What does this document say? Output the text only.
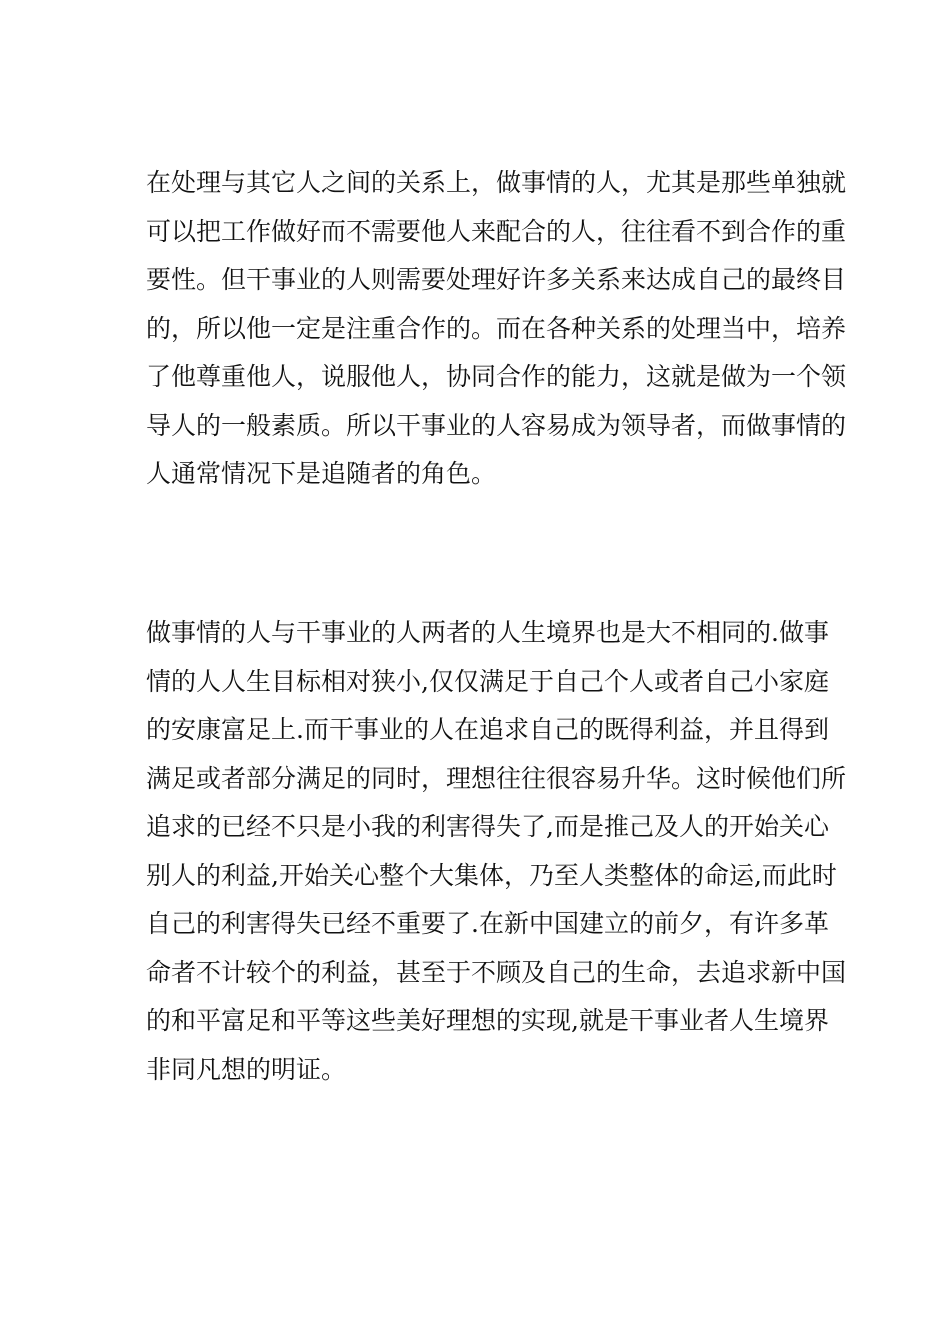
在处理与其它人之间的关系上，做事情的人，尤其是那些单独就
可以把工作做好而不需要他人来配合的人，往往看不到合作的重
要性。但干事业的人则需要处理好许多关系来达成自己的最终目
的，所以他一定是注重合作的。而在各种关系的处理当中，培养
了他尊重他人，说服他人，协同合作的能力，这就是做为一个领
导人的一般素质。所以干事业的人容易成为领导者，而做事情的
人通常情况下是追随者的角色。

做事情的人与干事业的人两者的人生境界也是大不相同的.做事
情的人人生目标相对狭小,仅仅满足于自己个人或者自己小家庭
的安康富足上.而干事业的人在追求自己的既得利益，并且得到
满足或者部分满足的同时，理想往往很容易升华。这时候他们所
追求的已经不只是小我的利害得失了,而是推己及人的开始关心
别人的利益,开始关心整个大集体，乃至人类整体的命运,而此时
自己的利害得失已经不重要了.在新中国建立的前夕，有许多革
命者不计较个的利益，甚至于不顾及自己的生命，去追求新中国
的和平富足和平等这些美好理想的实现,就是干事业者人生境界
非同凡想的明证。
